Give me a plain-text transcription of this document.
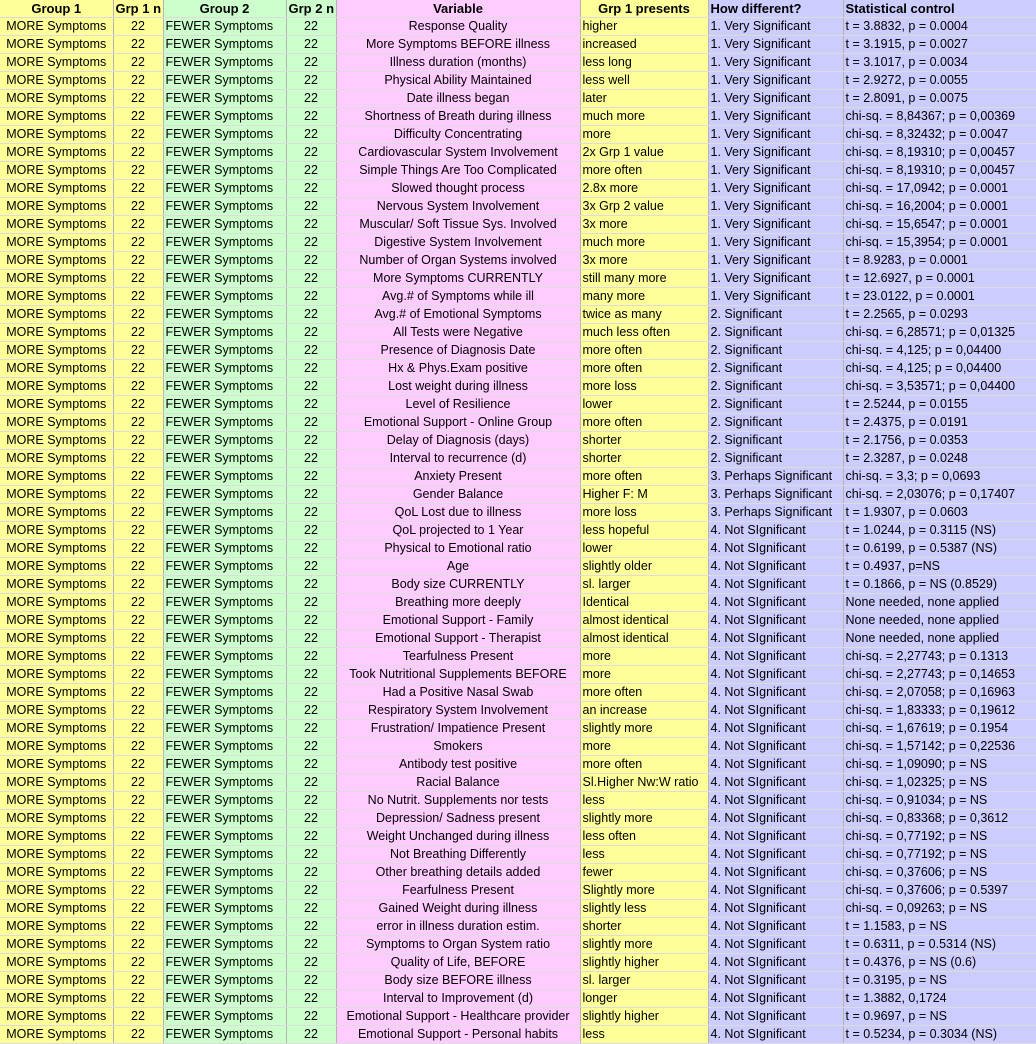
Group 1	Grp 1 n	Group 2	Grp 2 n	Variable	Grp 1 presents	How different?	Statistical control
MORE Symptoms	22	FEWER Symptoms	22	Response Quality	higher	1. Very Significant	t = 3.8832, p = 0.0004
MORE Symptoms	22	FEWER Symptoms	22	More Symptoms BEFORE illness	increased	1. Very Significant	t = 3.1915, p = 0.0027
MORE Symptoms	22	FEWER Symptoms	22	Illness duration (months)	less long	1. Very Significant	t = 3.1017, p = 0.0034
MORE Symptoms	22	FEWER Symptoms	22	Physical Ability Maintained	less well	1. Very Significant	t = 2.9272, p = 0.0055
MORE Symptoms	22	FEWER Symptoms	22	Date illness began	later	1. Very Significant	t = 2.8091, p = 0.0075
MORE Symptoms	22	FEWER Symptoms	22	Shortness of Breath during illness	much more	1. Very Significant	chi-sq. = 8,84367; p = 0,00369
MORE Symptoms	22	FEWER Symptoms	22	Difficulty Concentrating	more	1. Very Significant	chi-sq. = 8,32432; p = 0.0047
MORE Symptoms	22	FEWER Symptoms	22	Cardiovascular System Involvement	2x Grp 1 value	1. Very Significant	chi-sq. = 8,19310; p = 0,00457
MORE Symptoms	22	FEWER Symptoms	22	Simple Things Are Too Complicated	more often	1. Very Significant	chi-sq. = 8,19310; p = 0,00457
MORE Symptoms	22	FEWER Symptoms	22	Slowed thought process	2.8x more	1. Very Significant	chi-sq. = 17,0942; p = 0.0001
MORE Symptoms	22	FEWER Symptoms	22	Nervous System Involvement	3x Grp 2 value	1. Very Significant	chi-sq. = 16,2004; p = 0.0001
MORE Symptoms	22	FEWER Symptoms	22	Muscular/ Soft Tissue Sys. Involved	3x more	1. Very Significant	chi-sq. = 15,6547; p = 0.0001
MORE Symptoms	22	FEWER Symptoms	22	Digestive System Involvement	much more	1. Very Significant	chi-sq. = 15,3954; p = 0.0001
MORE Symptoms	22	FEWER Symptoms	22	Number of Organ Systems involved	3x more	1. Very Significant	t = 8.9283, p = 0.0001
MORE Symptoms	22	FEWER Symptoms	22	More Symptoms CURRENTLY	still many more	1. Very Significant	t = 12.6927, p = 0.0001
MORE Symptoms	22	FEWER Symptoms	22	Avg.# of Symptoms while ill	many more	1. Very Significant	t = 23.0122, p = 0.0001
MORE Symptoms	22	FEWER Symptoms	22	Avg.# of Emotional Symptoms	twice as many	2. Significant	t = 2.2565, p = 0.0293
MORE Symptoms	22	FEWER Symptoms	22	All Tests were Negative	much less often	2. Significant	chi-sq. = 6,28571; p = 0,01325
MORE Symptoms	22	FEWER Symptoms	22	Presence of Diagnosis Date	more often	2. Significant	chi-sq. = 4,125; p = 0,04400
MORE Symptoms	22	FEWER Symptoms	22	Hx & Phys.Exam positive	more often	2. Significant	chi-sq. = 4,125; p = 0,04400
MORE Symptoms	22	FEWER Symptoms	22	Lost weight during illness	more loss	2. Significant	chi-sq. = 3,53571; p = 0,04400
MORE Symptoms	22	FEWER Symptoms	22	Level of Resilience	lower	2. Significant	t = 2.5244, p = 0.0155
MORE Symptoms	22	FEWER Symptoms	22	Emotional Support - Online Group	more often	2. Significant	t = 2.4375, p = 0.0191
MORE Symptoms	22	FEWER Symptoms	22	Delay of Diagnosis (days)	shorter	2. Significant	t = 2.1756, p = 0.0353
MORE Symptoms	22	FEWER Symptoms	22	Interval to recurrence (d)	shorter	2. Significant	t = 2.3287, p = 0.0248
MORE Symptoms	22	FEWER Symptoms	22	Anxiety Present	more often	3. Perhaps Significant	chi-sq. = 3,3; p = 0,0693
MORE Symptoms	22	FEWER Symptoms	22	Gender Balance	Higher F: M	3. Perhaps Significant	chi-sq. = 2,03076; p = 0,17407
MORE Symptoms	22	FEWER Symptoms	22	QoL Lost due to illness	more loss	3. Perhaps Significant	t = 1.9307, p = 0.0603
MORE Symptoms	22	FEWER Symptoms	22	QoL projected to 1 Year	less hopeful	4. Not SIgnificant	t = 1.0244, p = 0.3115 (NS)
MORE Symptoms	22	FEWER Symptoms	22	Physical to Emotional ratio	lower	4. Not SIgnificant	t = 0.6199, p = 0.5387 (NS)
MORE Symptoms	22	FEWER Symptoms	22	Age	slightly older	4. Not SIgnificant	t = 0.4937, p=NS
MORE Symptoms	22	FEWER Symptoms	22	Body size CURRENTLY	sl. larger	4. Not SIgnificant	t = 0.1866, p = NS (0.8529)
MORE Symptoms	22	FEWER Symptoms	22	Breathing more deeply	Identical	4. Not SIgnificant	None needed, none applied
MORE Symptoms	22	FEWER Symptoms	22	Emotional Support - Family	almost identical	4. Not SIgnificant	None needed, none applied
MORE Symptoms	22	FEWER Symptoms	22	Emotional Support - Therapist	almost identical	4. Not SIgnificant	None needed, none applied
MORE Symptoms	22	FEWER Symptoms	22	Tearfulness Present	more	4. Not SIgnificant	chi-sq. = 2,27743; p = 0.1313
MORE Symptoms	22	FEWER Symptoms	22	Took Nutritional Supplements BEFORE	more	4. Not SIgnificant	chi-sq. = 2,27743; p = 0,14653
MORE Symptoms	22	FEWER Symptoms	22	Had a Positive Nasal Swab	more often	4. Not SIgnificant	chi-sq. = 2,07058; p = 0,16963
MORE Symptoms	22	FEWER Symptoms	22	Respiratory System Involvement	an increase	4. Not SIgnificant	chi-sq. = 1,83333; p = 0,19612
MORE Symptoms	22	FEWER Symptoms	22	Frustration/ Impatience Present	slightly more	4. Not SIgnificant	chi-sq. = 1,67619; p = 0.1954
MORE Symptoms	22	FEWER Symptoms	22	Smokers	more	4. Not SIgnificant	chi-sq. = 1,57142; p = 0,22536
MORE Symptoms	22	FEWER Symptoms	22	Antibody test positive	more often	4. Not SIgnificant	chi-sq. = 1,09090; p = NS
MORE Symptoms	22	FEWER Symptoms	22	Racial Balance	Sl.Higher Nw:W ratio	4. Not SIgnificant	chi-sq. = 1,02325; p = NS
MORE Symptoms	22	FEWER Symptoms	22	No Nutrit. Supplements nor tests	less	4. Not SIgnificant	chi-sq. = 0,91034; p = NS
MORE Symptoms	22	FEWER Symptoms	22	Depression/ Sadness present	slightly more	4. Not SIgnificant	chi-sq. = 0,83368; p = 0,3612
MORE Symptoms	22	FEWER Symptoms	22	Weight Unchanged during illness	less often	4. Not SIgnificant	chi-sq. = 0,77192; p = NS
MORE Symptoms	22	FEWER Symptoms	22	Not Breathing Differently	less	4. Not SIgnificant	chi-sq. = 0,77192; p = NS
MORE Symptoms	22	FEWER Symptoms	22	Other breathing details added	fewer	4. Not SIgnificant	chi-sq. = 0,37606; p = NS
MORE Symptoms	22	FEWER Symptoms	22	Fearfulness Present	Slightly more	4. Not SIgnificant	chi-sq. = 0,37606; p = 0.5397
MORE Symptoms	22	FEWER Symptoms	22	Gained Weight during illness	slightly less	4. Not SIgnificant	chi-sq. = 0,09263; p = NS
MORE Symptoms	22	FEWER Symptoms	22	error in illness duration estim.	shorter	4. Not SIgnificant	t = 1.1583, p = NS
MORE Symptoms	22	FEWER Symptoms	22	Symptoms to Organ System ratio	slightly more	4. Not SIgnificant	t = 0.6311, p = 0.5314 (NS)
MORE Symptoms	22	FEWER Symptoms	22	Quality of Life, BEFORE	slightly higher	4. Not SIgnificant	t = 0.4376, p = NS (0.6)
MORE Symptoms	22	FEWER Symptoms	22	Body size BEFORE illness	sl. larger	4. Not SIgnificant	t = 0.3195, p = NS
MORE Symptoms	22	FEWER Symptoms	22	Interval to Improvement (d)	longer	4. Not SIgnificant	t = 1.3882, 0,1724
MORE Symptoms	22	FEWER Symptoms	22	Emotional Support - Healthcare provider	slightly higher	4. Not SIgnificant	t = 0.9697, p = NS
MORE Symptoms	22	FEWER Symptoms	22	Emotional Support - Personal habits	less	4. Not SIgnificant	t = 0.5234, p = 0.3034 (NS)
